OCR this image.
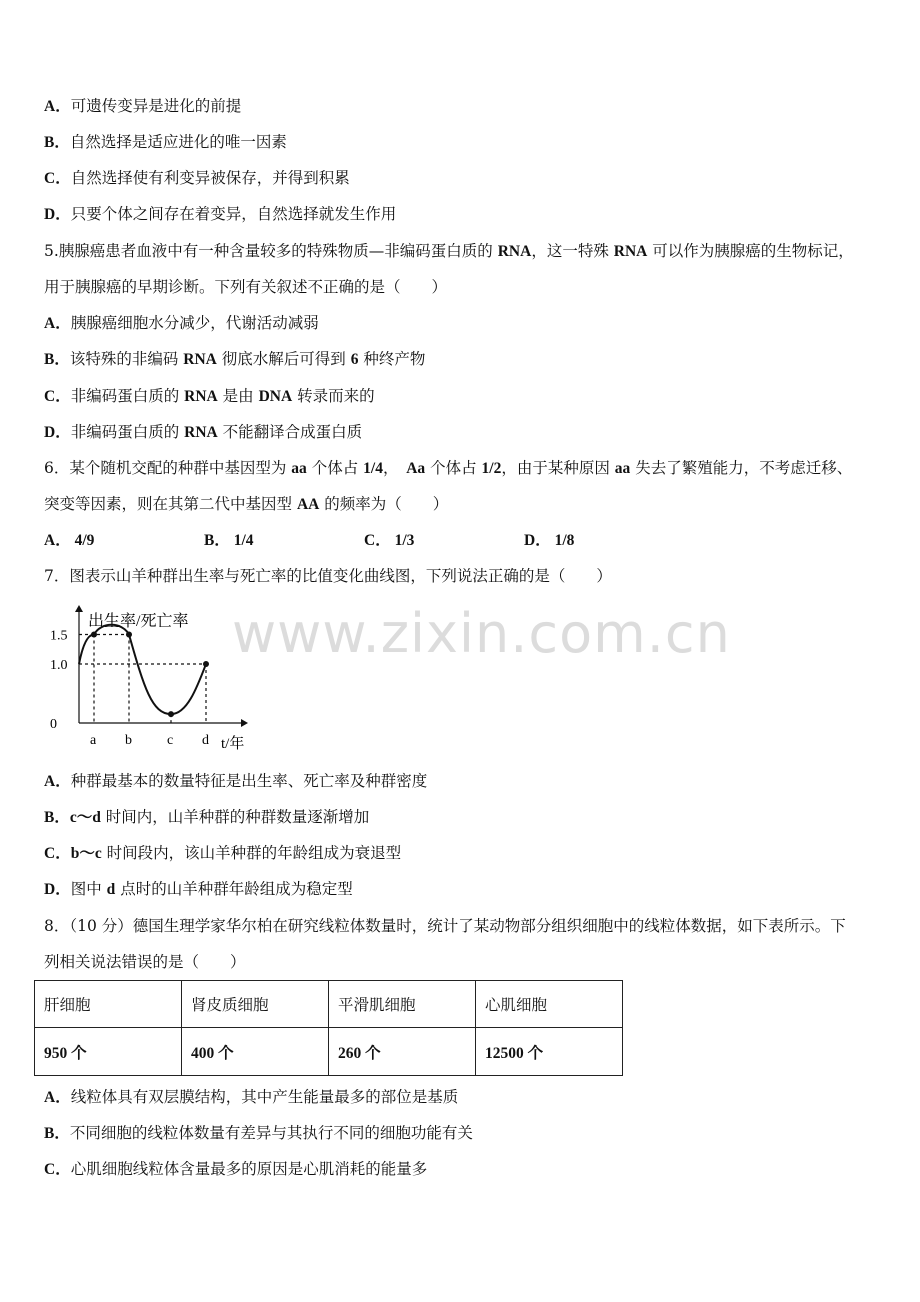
A．可遗传变异是进化的前提
B．自然选择是适应进化的唯一因素
C．自然选择使有利变异被保存，并得到积累
D．只要个体之间存在着变异，自然选择就发生作用
5.胰腺癌患者血液中有一种含量较多的特殊物质—非编码蛋白质的 RNA，这一特殊 RNA 可以作为胰腺癌的生物标记，
用于胰腺癌的早期诊断。下列有关叙述不正确的是（　　）
A．胰腺癌细胞水分减少，代谢活动减弱
B．该特殊的非编码 RNA 彻底水解后可得到 6 种终产物
C．非编码蛋白质的 RNA 是由 DNA 转录而来的
D．非编码蛋白质的 RNA 不能翻译合成蛋白质
6．某个随机交配的种群中基因型为 aa 个体占 1/4，　Aa 个体占 1/2，由于某种原因 aa 失去了繁殖能力，不考虑迁移、
突变等因素，则在其第二代中基因型 AA 的频率为（　　）
A． 4/9	B． 1/4	C． 1/3	D． 1/8
7．图表示山羊种群出生率与死亡率的比值变化曲线图，下列说法正确的是（　　）
出生率/死亡率
t/年
1.5
1.0
0
a b	c d
www.zixin.com.cn
A．种群最基本的数量特征是出生率、死亡率及种群密度
B．c～d 时间内，山羊种群的种群数量逐渐增加
C．b～c 时间段内，该山羊种群的年龄组成为衰退型
D．图中 d 点时的山羊种群年龄组成为稳定型
8．（10 分）德国生理学家华尔柏在研究线粒体数量时，统计了某动物部分组织细胞中的线粒体数据，如下表所示。下
列相关说法错误的是（　　）
肝细胞	肾皮质细胞	平滑肌细胞	心肌细胞
950 个	400 个	260 个	12500 个
A．线粒体具有双层膜结构，其中产生能量最多的部位是基质
B．不同细胞的线粒体数量有差异与其执行不同的细胞功能有关
C．心肌细胞线粒体含量最多的原因是心肌消耗的能量多
